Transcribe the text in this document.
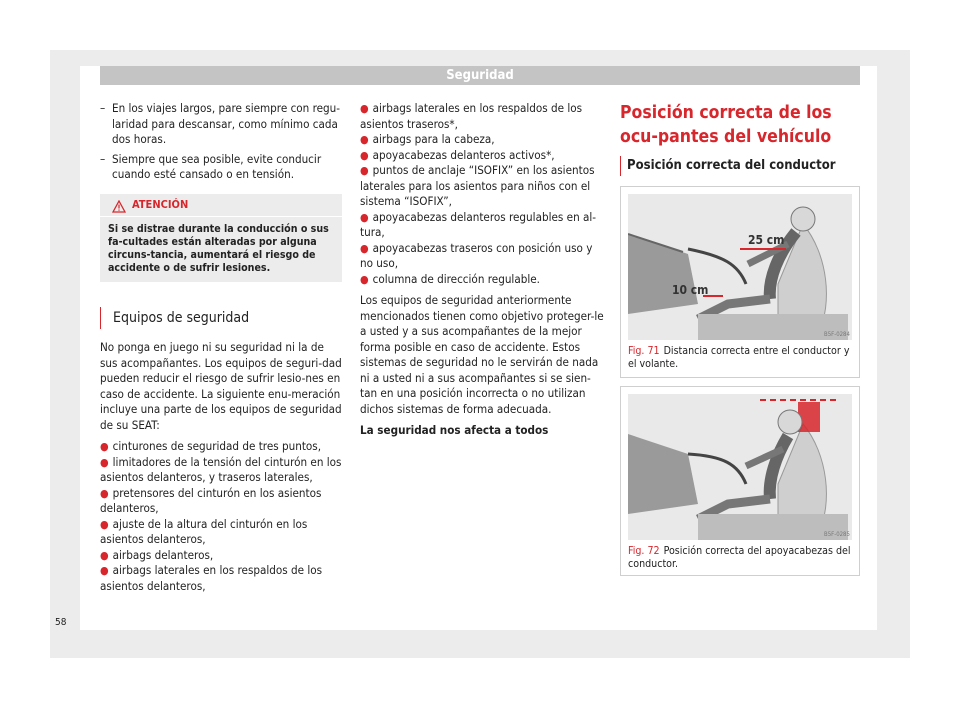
Seguridad

– En los viajes largos, pare siempre con regu-laridad para descansar, como mínimo cada dos horas.

– Siempre que sea posible, evite conducir cuando esté cansado o en tensión.

ATENCIÓN
Si se distrae durante la conducción o sus fa-cultades están alteradas por alguna circuns-tancia, aumentará el riesgo de accidente o de sufrir lesiones.
Equipos de seguridad

No ponga en juego ni su seguridad ni la de sus acompañantes. Los equipos de seguri-dad pueden reducir el riesgo de sufrir lesio-nes en caso de accidente. La siguiente enu-meración incluye una parte de los equipos de seguridad de su SEAT:

● cinturones de seguridad de tres puntos,

● limitadores de la tensión del cinturón en los asientos delanteros, y traseros laterales,

● pretensores del cinturón en los asientos delanteros,

● ajuste de la altura del cinturón en los asientos delanteros,

● airbags delanteros,

● airbags laterales en los respaldos de los asientos delanteros,

● airbags laterales en los respaldos de los asientos traseros*,

● airbags para la cabeza,

● apoyacabezas delanteros activos*,

● puntos de anclaje “ISOFIX” en los asientos laterales para los asientos para niños con el sistema “ISOFIX”,

● apoyacabezas delanteros regulables en al-tura,

● apoyacabezas traseros con posición uso y no uso,

● columna de dirección regulable.

Los equipos de seguridad anteriormente mencionados tienen como objetivo proteger-le a usted y a sus acompañantes de la mejor forma posible en caso de accidente. Estos sistemas de seguridad no le servirán de nada ni a usted ni a sus acompañantes si se sien-tan en una posición incorrecta o no utilizan dichos sistemas de forma adecuada.

La seguridad nos afecta a todos

Posición correcta de los ocu-pantes del vehículo
Posición correcta del conductor
25 cm
10 cm
B5F-0284
Fig. 71 Distancia correcta entre el conductor y el volante.
B5F-0285
Fig. 72 Posición correcta del apoyacabezas del conductor.
58
